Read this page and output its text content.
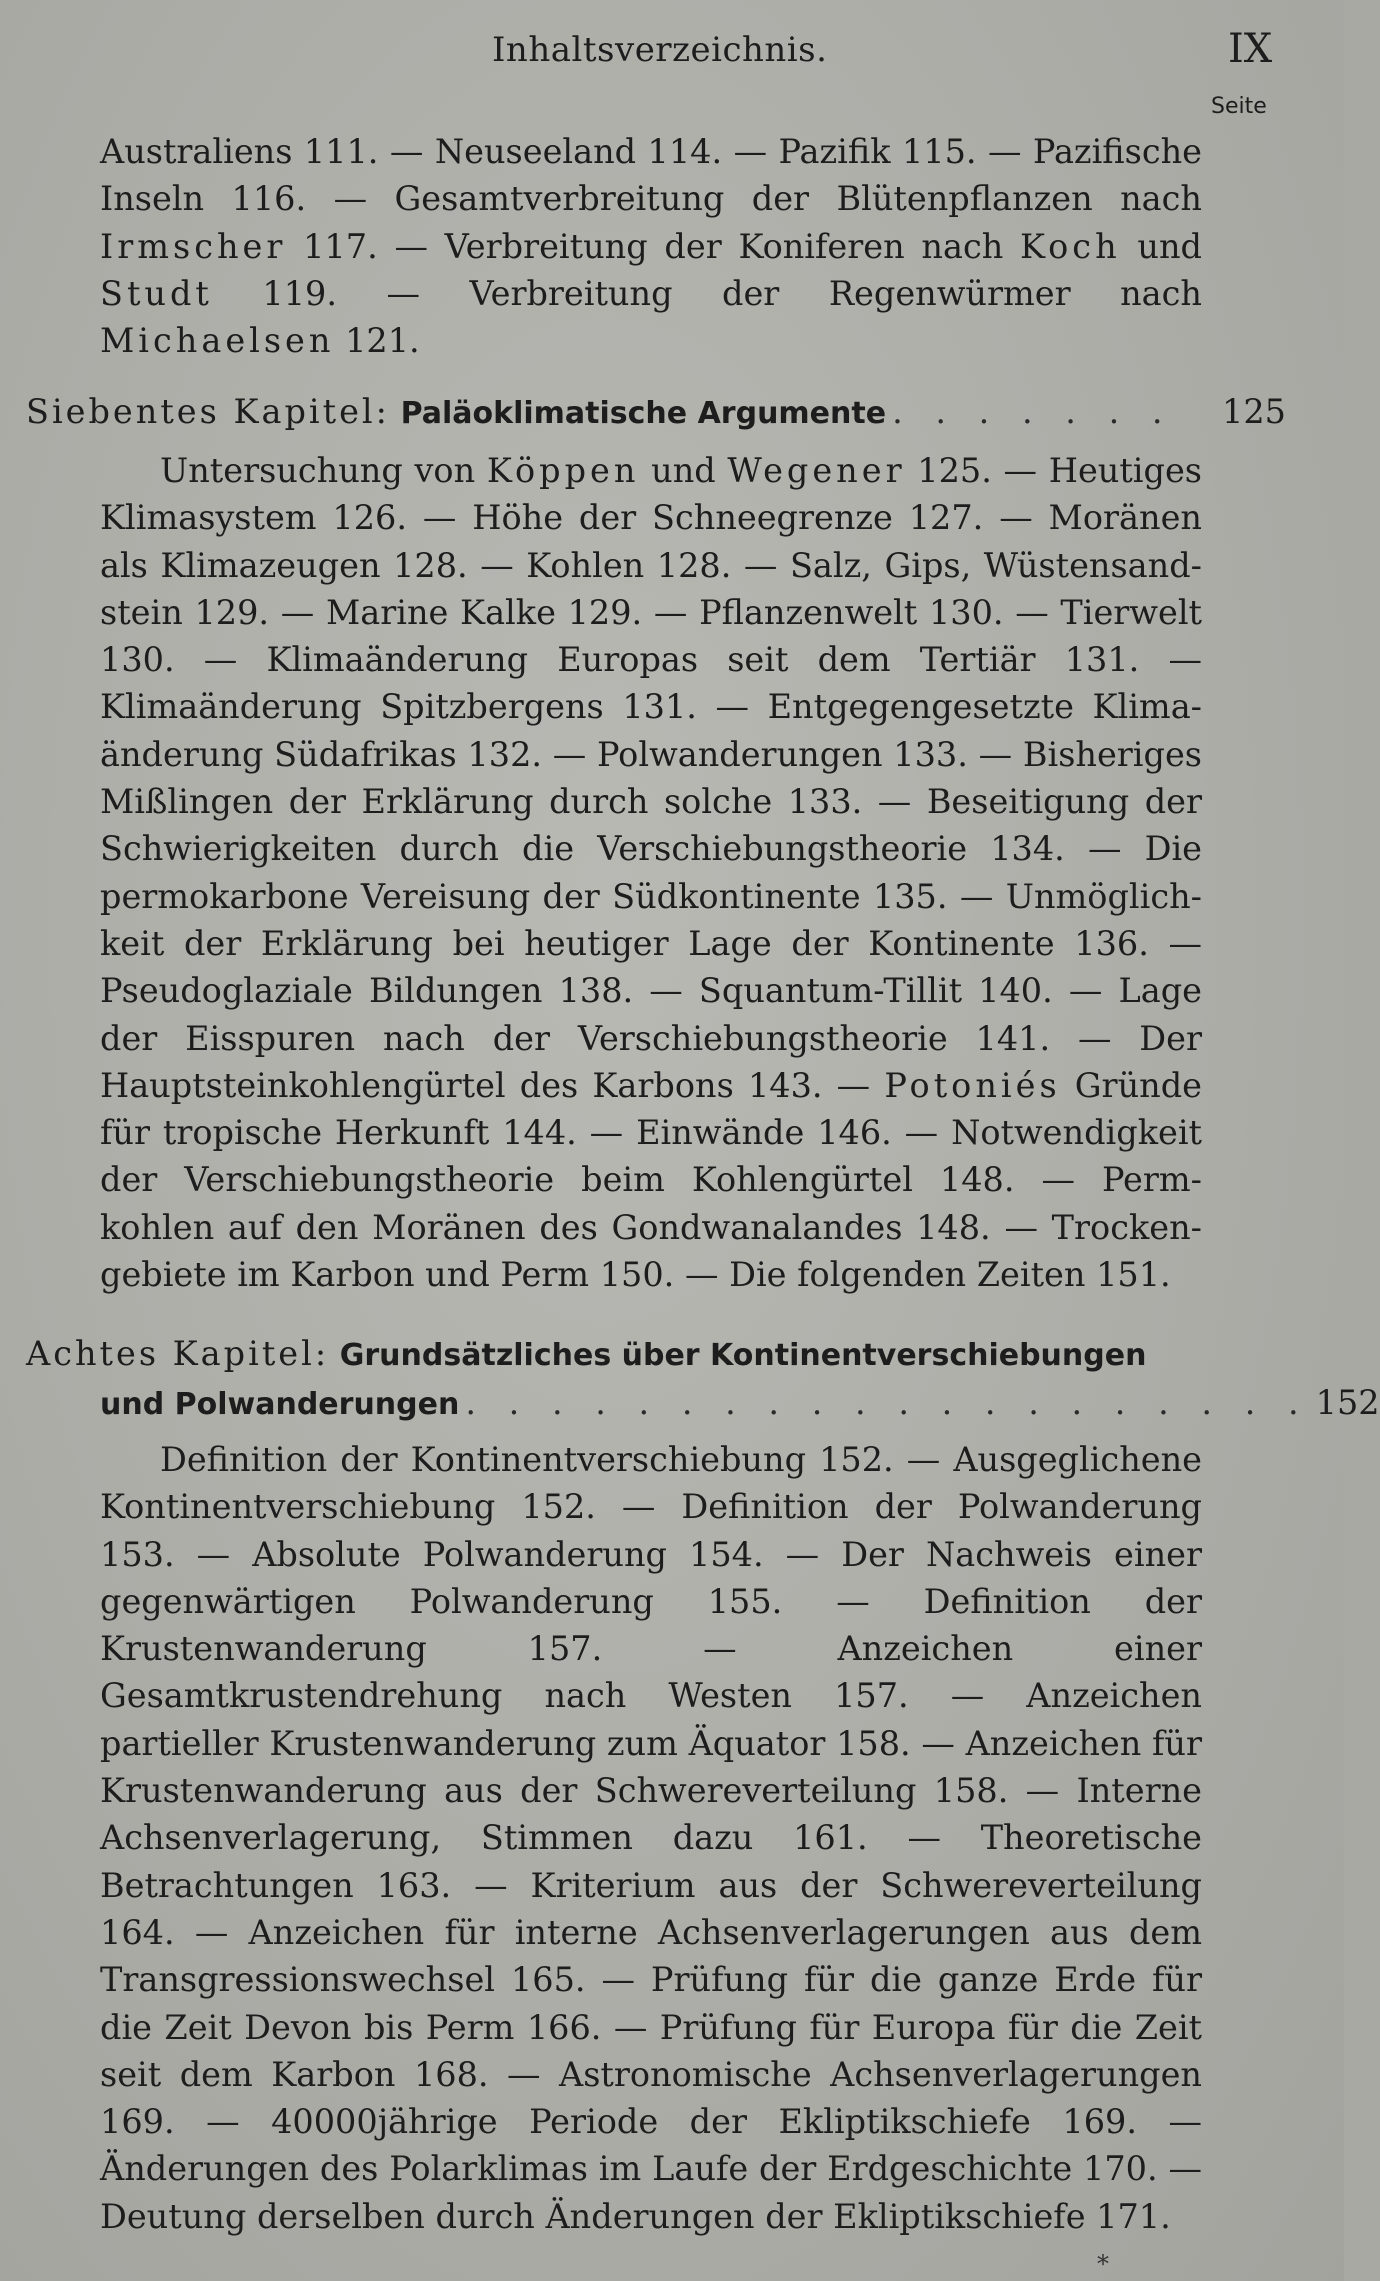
Inhaltsverzeichnis.	IX
Seite
Australiens 111. — Neuseeland 114. — Pazifik 115. — Pazifische Inseln 116. — Gesamtverbreitung der Blütenpflanzen nach Irmscher 117. — Verbreitung der Koniferen nach Koch und Studt 119. — Verbreitung der Regenwürmer nach Michaelsen 121.
Siebentes Kapitel:
Paläoklimatische Argumente . . . . . . .	125
Untersuchung von Köppen und Wegener 125. — Heutiges Klimasystem 126. — Höhe der Schneegrenze 127. — Moränen als Klimazeugen 128. — Kohlen 128. — Salz, Gips, Wüstensandstein 129. — Marine Kalke 129. — Pflanzenwelt 130. — Tierwelt 130. — Klimaänderung Europas seit dem Tertiär 131. — Klimaänderung Spitzbergens 131. — Entgegengesetzte Klimaänderung Südafrikas 132. — Polwanderungen 133. — Bisheriges Mißlingen der Erklärung durch solche 133. — Beseitigung der Schwierigkeiten durch die Verschiebungstheorie 134. — Die permokarbone Vereisung der Südkontinente 135. — Unmöglichkeit der Erklärung bei heutiger Lage der Kontinente 136. — Pseudoglaziale Bildungen 138. — Squantum-Tillit 140. — Lage der Eisspuren nach der Verschiebungstheorie 141. — Der Hauptsteinkohlengürtel des Karbons 143. — Potoniés Gründe für tropische Herkunft 144. — Einwände 146. — Notwendigkeit der Verschiebungstheorie beim Kohlengürtel 148. — Permkohlen auf den Moränen des Gondwanalandes 148. — Trockengebiete im Karbon und Perm 150. — Die folgenden Zeiten 151.
Achtes Kapitel:
Grundsätzliches über Kontinentverschiebungen
und Polwanderungen . . . . . . . . . . . . . . . . . . . . 152
Definition der Kontinentverschiebung 152. — Ausgeglichene Kontinentverschiebung 152. — Definition der Polwanderung 153. — Absolute Polwanderung 154. — Der Nachweis einer gegenwärtigen Polwanderung 155. — Definition der Krustenwanderung 157. — Anzeichen einer Gesamtkrustendrehung nach Westen 157. — Anzeichen partieller Krustenwanderung zum Äquator 158. — Anzeichen für Krustenwanderung aus der Schwereverteilung 158. — Interne Achsenverlagerung, Stimmen dazu 161. — Theoretische Betrachtungen 163. — Kriterium aus der Schwereverteilung 164. — Anzeichen für interne Achsenverlagerungen aus dem Transgressionswechsel 165. — Prüfung für die ganze Erde für die Zeit Devon bis Perm 166. — Prüfung für Europa für die Zeit seit dem Karbon 168. — Astronomische Achsenverlagerungen 169. — 40000jährige Periode der Ekliptikschiefe 169. — Änderungen des Polarklimas im Laufe der Erdgeschichte 170. — Deutung derselben durch Änderungen der Ekliptikschiefe 171.
*
